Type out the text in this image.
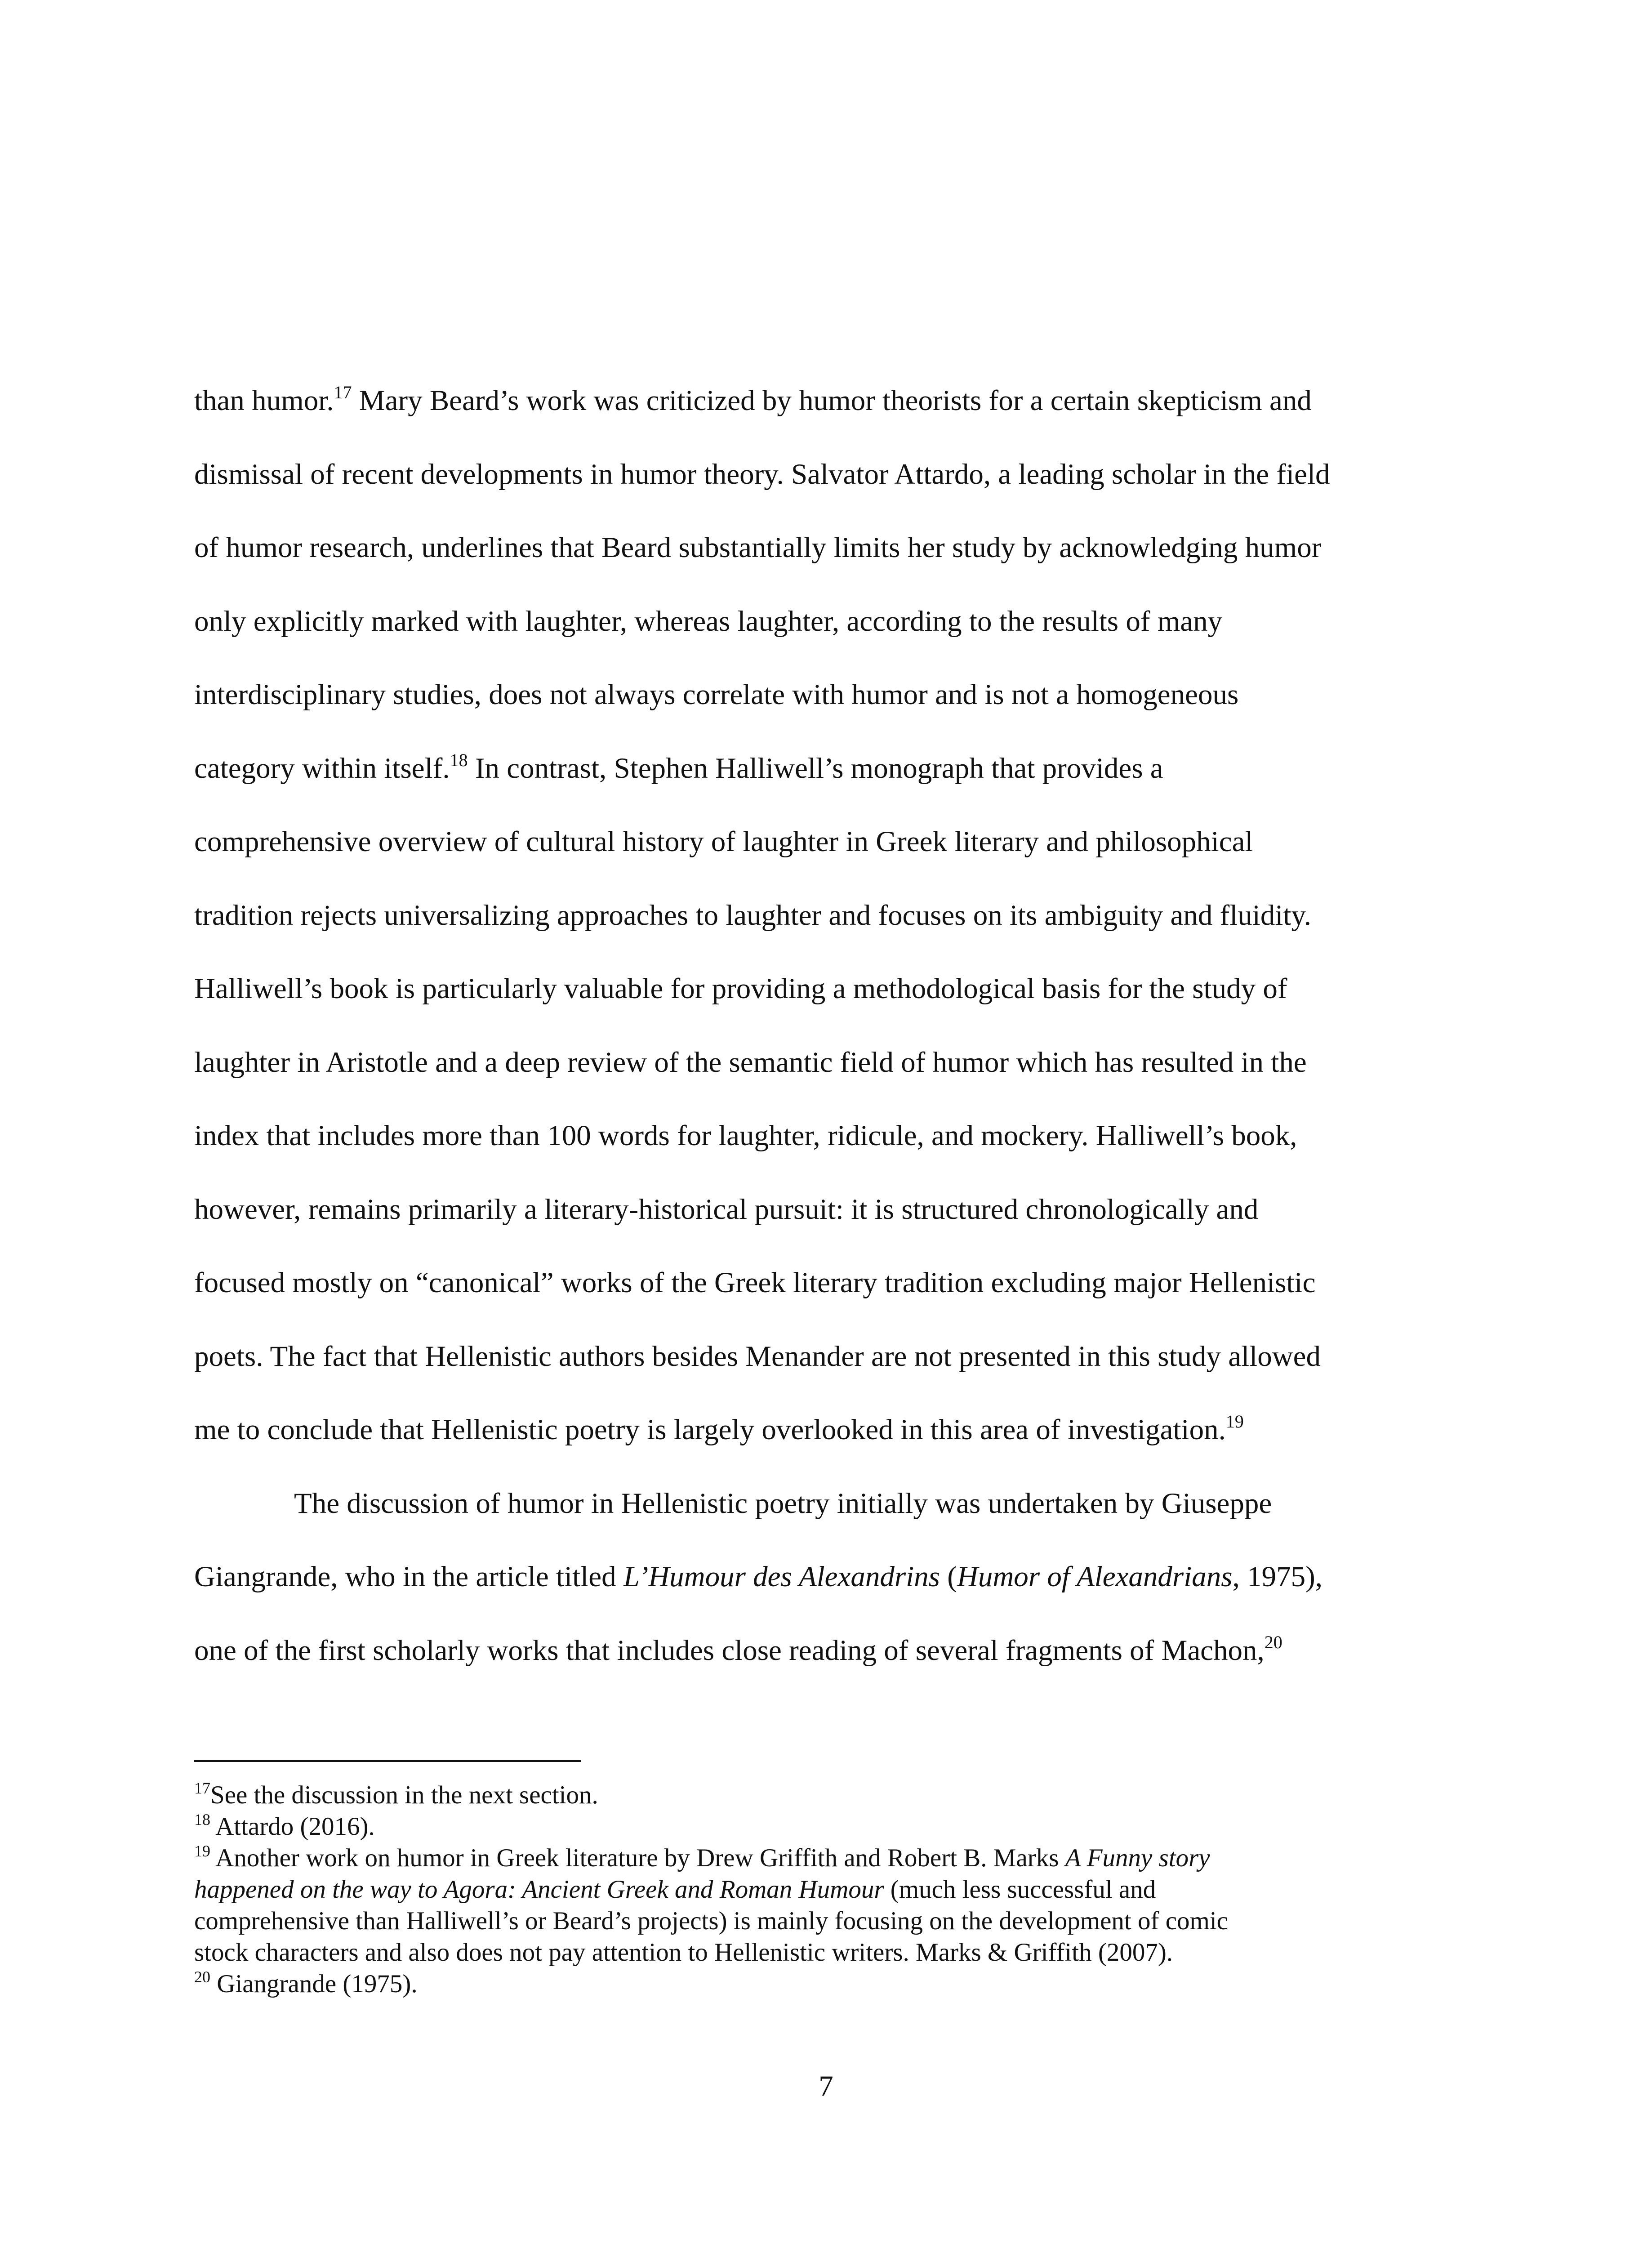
than humor.$^{17}$ Mary Beard’s work was criticized by humor theorists for a certain skepticism and
dismissal of recent developments in humor theory. Salvator Attardo, a leading scholar in the field
of humor research, underlines that Beard substantially limits her study by acknowledging humor
only explicitly marked with laughter, whereas laughter, according to the results of many
interdisciplinary studies, does not always correlate with humor and is not a homogeneous
category within itself.$^{18}$ In contrast, Stephen Halliwell’s monograph that provides a
comprehensive overview of cultural history of laughter in Greek literary and philosophical
tradition rejects universalizing approaches to laughter and focuses on its ambiguity and fluidity.
Halliwell’s book is particularly valuable for providing a methodological basis for the study of
laughter in Aristotle and a deep review of the semantic field of humor which has resulted in the
index that includes more than 100 words for laughter, ridicule, and mockery. Halliwell’s book,
however, remains primarily a literary-historical pursuit: it is structured chronologically and
focused mostly on “canonical” works of the Greek literary tradition excluding major Hellenistic
poets. The fact that Hellenistic authors besides Menander are not presented in this study allowed
me to conclude that Hellenistic poetry is largely overlooked in this area of investigation.$^{19}$
The discussion of humor in Hellenistic poetry initially was undertaken by Giuseppe
Giangrande, who in the article titled L’Humour des Alexandrins (Humor of Alexandrians, 1975),
one of the first scholarly works that includes close reading of several fragments of Machon,$^{20}$
$^{17}$See the discussion in the next section.
$^{18}$ Attardo (2016).
$^{19}$ Another work on humor in Greek literature by Drew Griffith and Robert B. Marks A Funny story
happened on the way to Agora: Ancient Greek and Roman Humour (much less successful and
comprehensive than Halliwell’s or Beard’s projects) is mainly focusing on the development of comic
stock characters and also does not pay attention to Hellenistic writers. Marks & Griffith (2007).
$^{20}$ Giangrande (1975).
7
